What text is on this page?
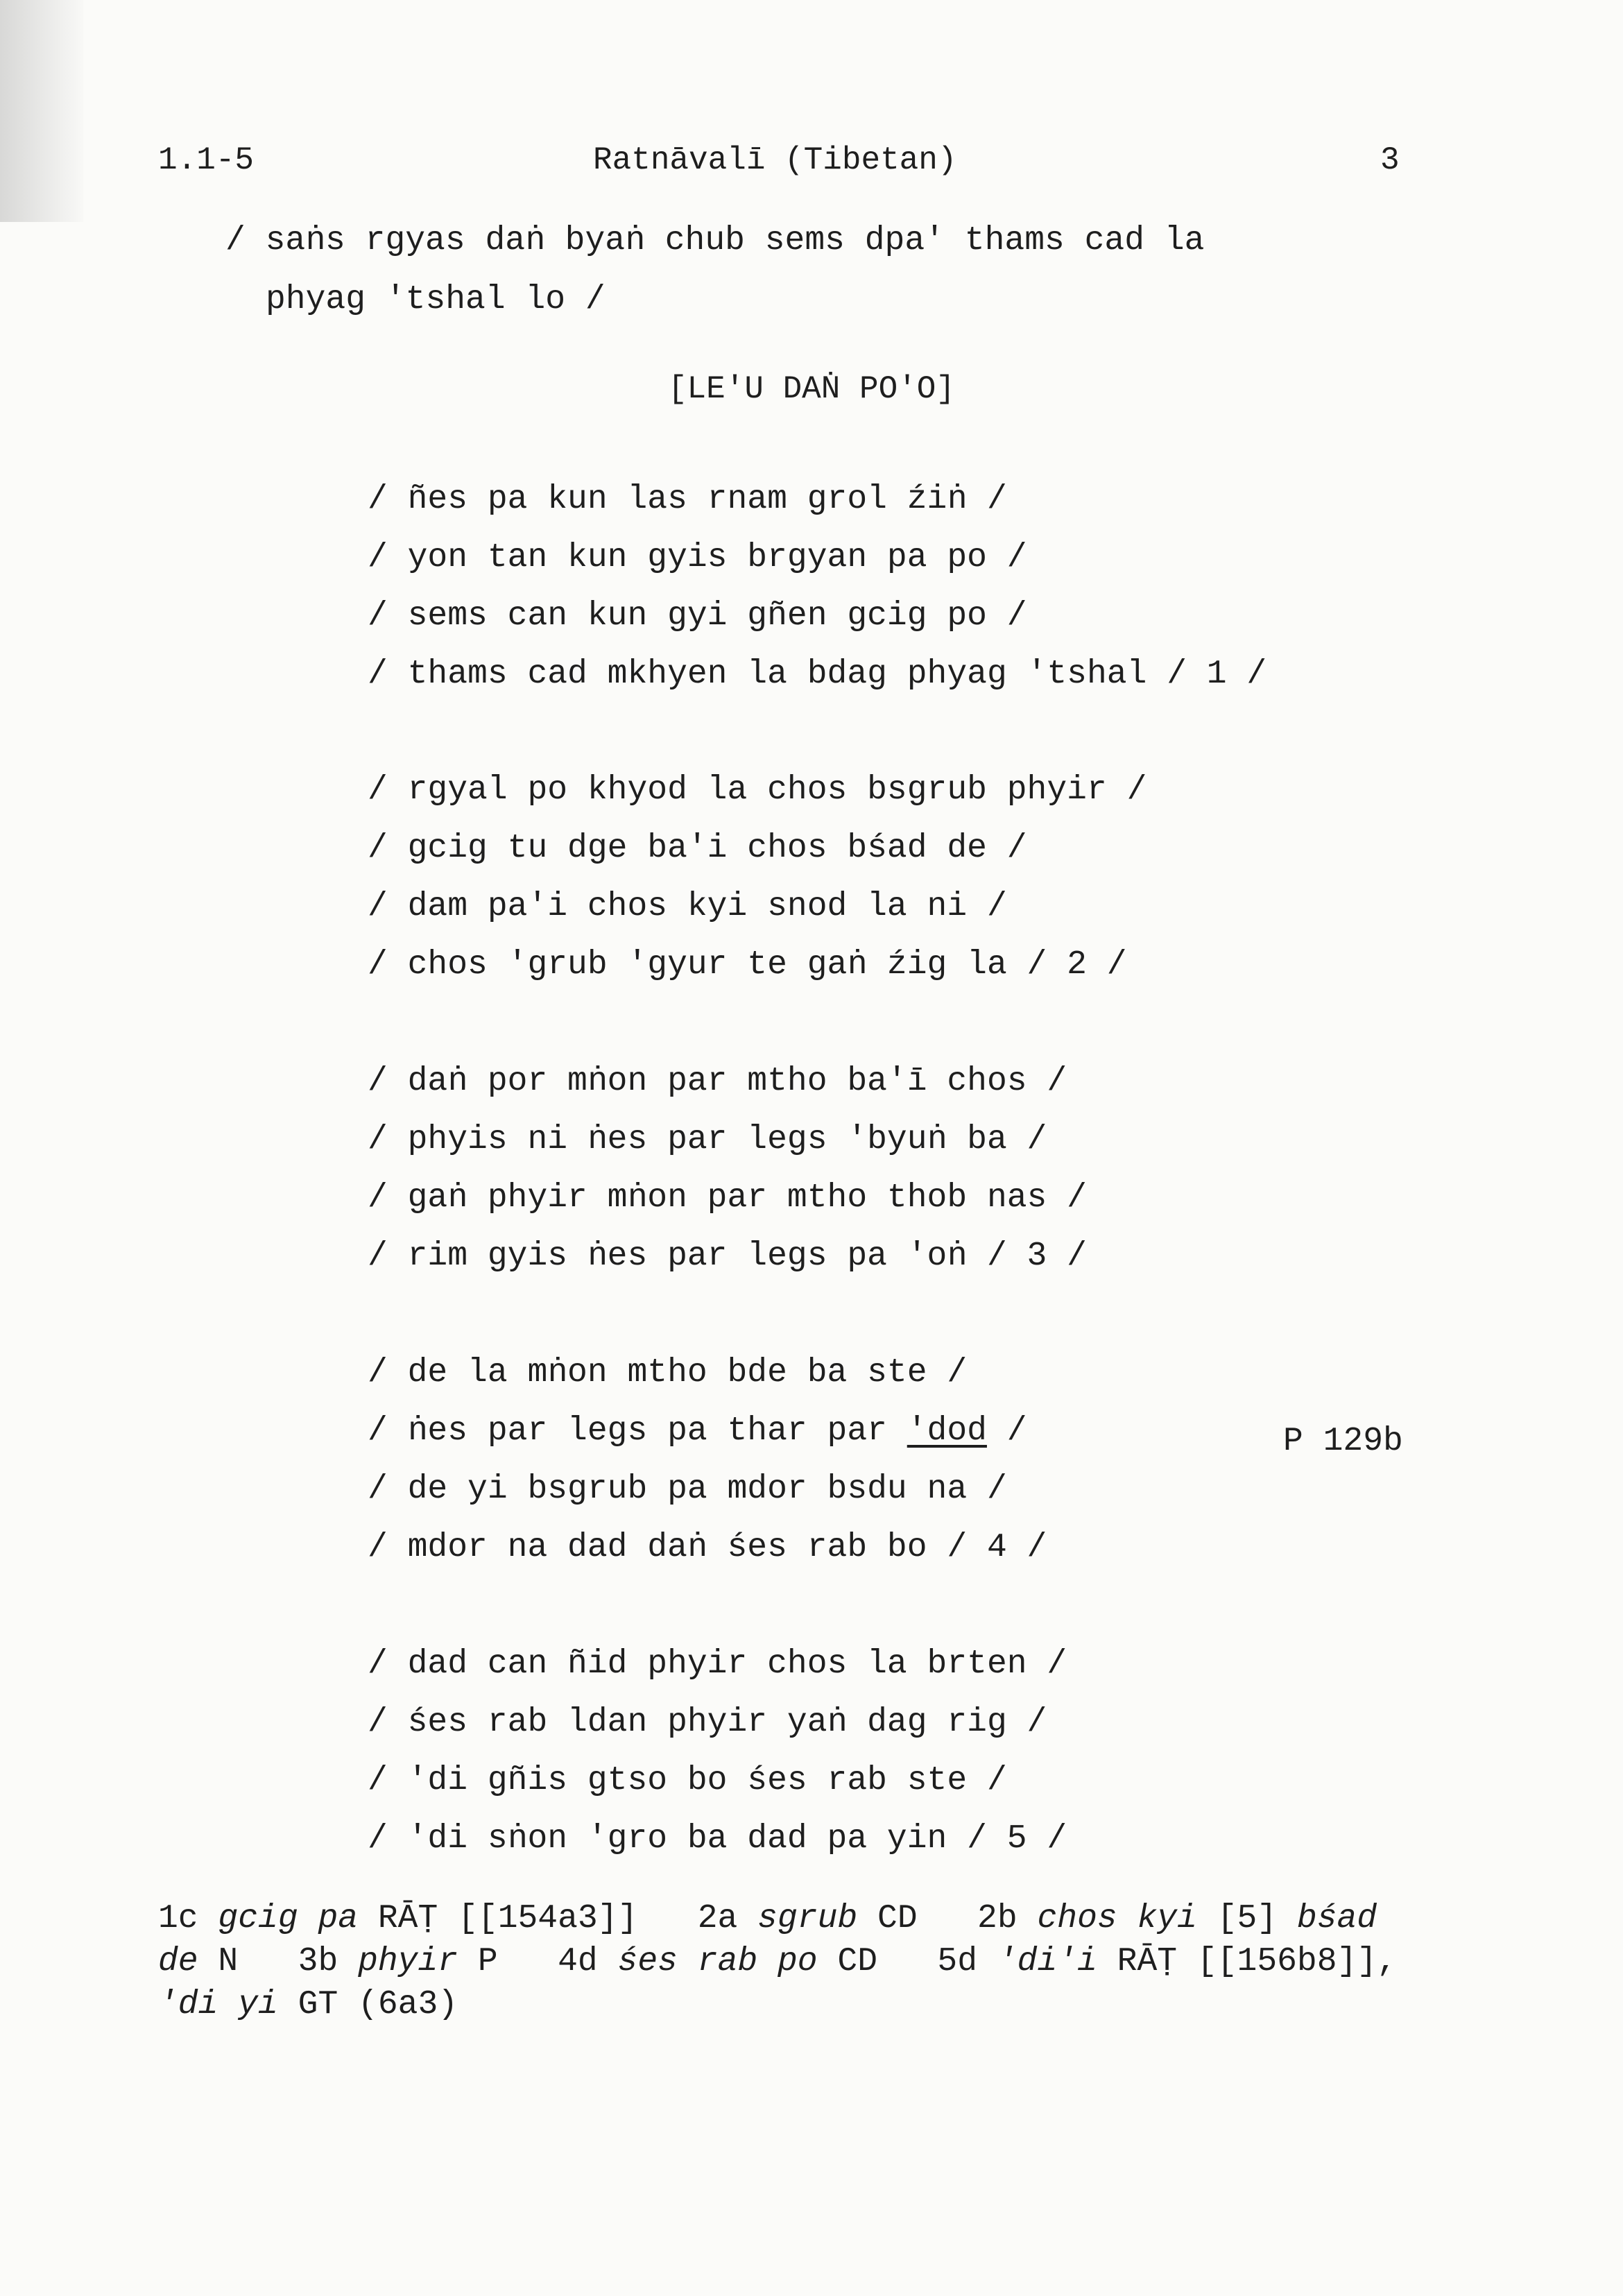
1.1-5	Ratnāvalī (Tibetan)	3
/ saṅs rgyas daṅ byaṅ chub sems dpa' thams cad la
phyag 'tshal lo /
[LE'U DAṄ PO'O]
/ ñes pa kun las rnam grol źiṅ /
/ yon tan kun gyis brgyan pa po /
/ sems can kun gyi gñen gcig po /
/ thams cad mkhyen la bdag phyag 'tshal / 1 /
/ rgyal po khyod la chos bsgrub phyir /
/ gcig tu dge ba'i chos bśad de /
/ dam pa'i chos kyi snod la ni /
/ chos 'grub 'gyur te gaṅ źig la / 2 /
/ daṅ por mṅon par mtho ba'ī chos /
/ phyis ni ṅes par legs 'byuṅ ba /
/ gaṅ phyir mṅon par mtho thob nas /
/ rim gyis ṅes par legs pa 'oṅ / 3 /
/ de la mṅon mtho bde ba ste /
/ ṅes par legs pa thar par 'dod /
/ de yi bsgrub pa mdor bsdu na /
/ mdor na dad daṅ śes rab bo / 4 /
P 129b
/ dad can ñid phyir chos la brten /
/ śes rab ldan phyir yaṅ dag rig /
/ 'di gñis gtso bo śes rab ste /
/ 'di sṅon 'gro ba dad pa yin / 5 /
1c gcig pa RĀṬ [[154a3]]   2a sgrub CD   2b chos kyi [5] bśad
de N   3b phyir P   4d śes rab po CD   5d 'di'i RĀṬ [[156b8]],
'di yi GT (6a3)
